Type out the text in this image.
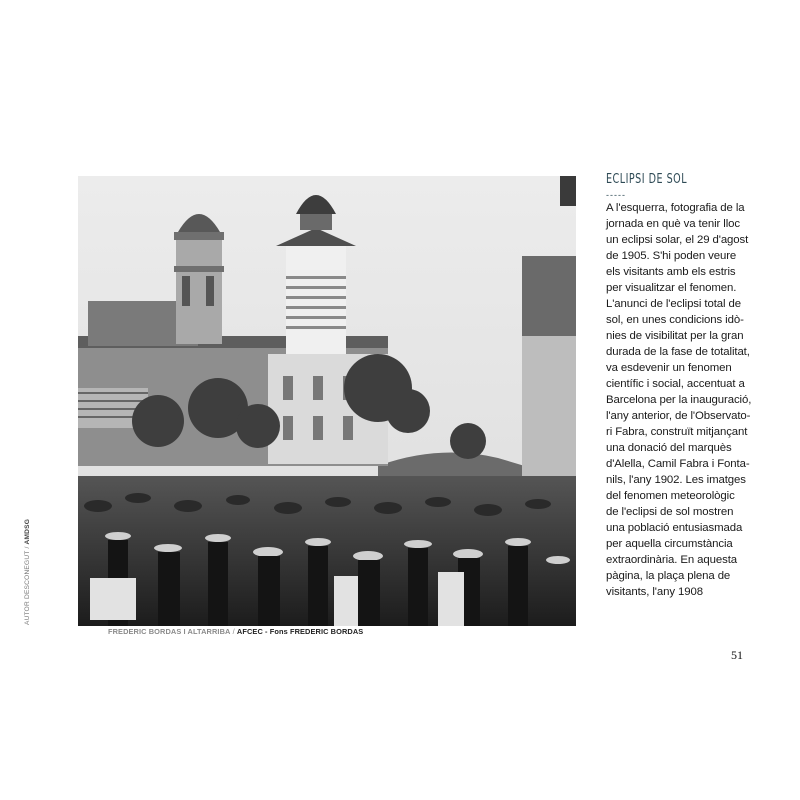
FREDERIC BORDAS I ALTARRIBA / AFCEC - Fons FREDERIC BORDAS
AUTOR DESCONEGUT / AMDSG
ECLIPSI DE SOL
-----
A l'esquerra, fotografia de la
jornada en què va tenir lloc
un eclipsi solar, el 29 d'agost
de 1905. S'hi poden veure
els visitants amb els estris
per visualitzar el fenomen.
L'anunci de l'eclipsi total de
sol, en unes condicions idò-
nies de visibilitat per la gran
durada de la fase de totalitat,
va esdevenir un fenomen
científic i social, accentuat a
Barcelona per la inauguració,
l'any anterior, de l'Observato-
ri Fabra, construït mitjançant
una donació del marquès
d'Alella, Camil Fabra i Fonta-
nils, l'any 1902. Les imatges
del fenomen meteorològic
de l'eclipsi de sol mostren
una població entusiasmada
per aquella circumstància
extraordinària. En aquesta
pàgina, la plaça plena de
visitants, l'any 1908
51
